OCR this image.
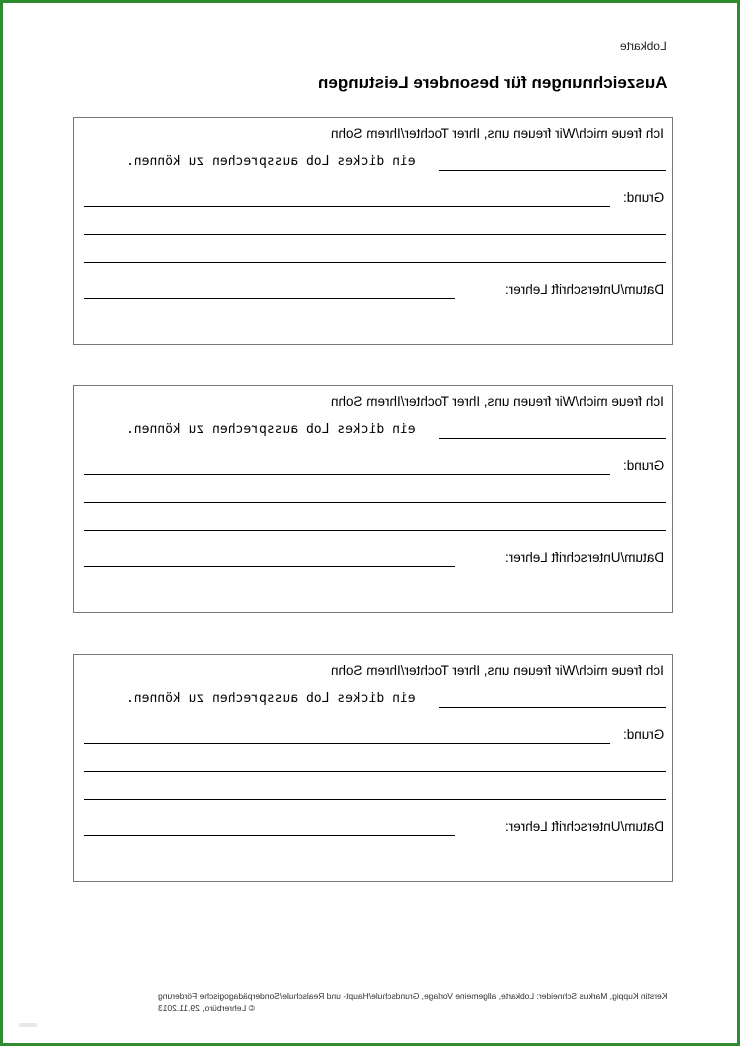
Lobkarte
Auszeichnungen für besondere Leistungen
Ich freue mich/Wir freuen uns, Ihrer Tochter/Ihrem Sohn
ein dickes Lob aussprechen zu können.
Grund:
Datum/Unterschrift Lehrer:
Ich freue mich/Wir freuen uns, Ihrer Tochter/Ihrem Sohn
ein dickes Lob aussprechen zu können.
Grund:
Datum/Unterschrift Lehrer:
Ich freue mich/Wir freuen uns, Ihrer Tochter/Ihrem Sohn
ein dickes Lob aussprechen zu können.
Grund:
Datum/Unterschrift Lehrer:
Kerstin Kuppig, Markus Schneider: Lobkarte, allgemeine Vorlage, Grundschule/Haupt- und Realschule/Sonderpädagogische Förderung
© Lehrerbüro, 29.11.2013
